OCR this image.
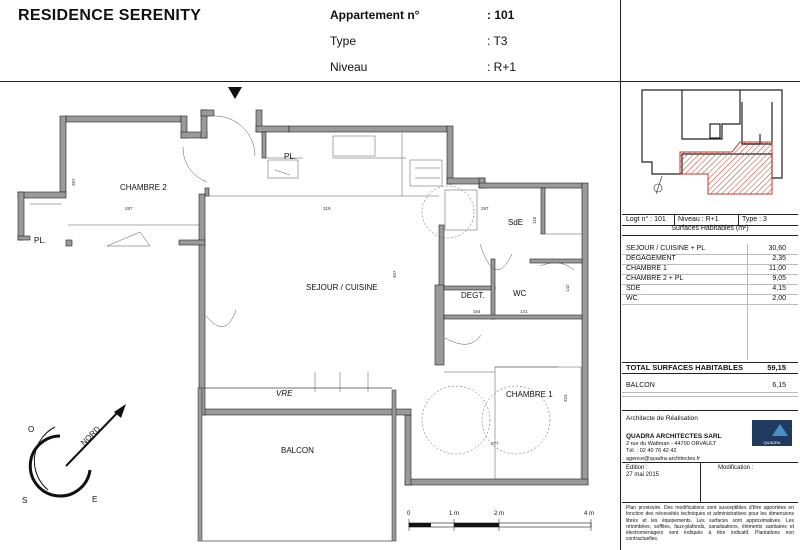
RESIDENCE SERENITY	Appartement n°	: 101
Type	: T3
Niveau	: R+1
287
267
319	297
407
164	141
377
116
142
324
CHAMBRE 2
SEJOUR / CUISINE
SdE
DEGT.	WC
CHAMBRE 1
BALCON
PL.
PL.
VRE
O	NORD
S	E
0	1 m	2 m	4 m
Logt n° : 101 Niveau : R+1	Type : 3
Surfaces Habitables (m²)
SEJOUR / CUISINE + PL	30,60
DEGAGEMENT	2,35
CHAMBRE 1	11,00
CHAMBRE 2 + PL	9,05
SDE	4,15
WC	2,00
TOTAL SURFACES HABITABLES	59,15
BALCON	6,15
Architecte de Réalisation
QUADRA ARCHITECTES SARL
2 rue du Wattman - 44700 ORVAULT
Tél. : 02 40 76 42 42
agence@quadra-architectes.fr
QUADRA
Edition :
27 mai 2015
Modification :
Plan provisoire. Des modifications sont susceptibles d'être apportées en fonction des nécessités techniques et administratives pour les dimensions libres et les équipements. Les surfaces sont approximatives. Les retombées, soffites, faux-plafonds, canalisations, éléments sanitaires et électroménagers sont indiqués à titre indicatif. Plantations non contractuelles.
